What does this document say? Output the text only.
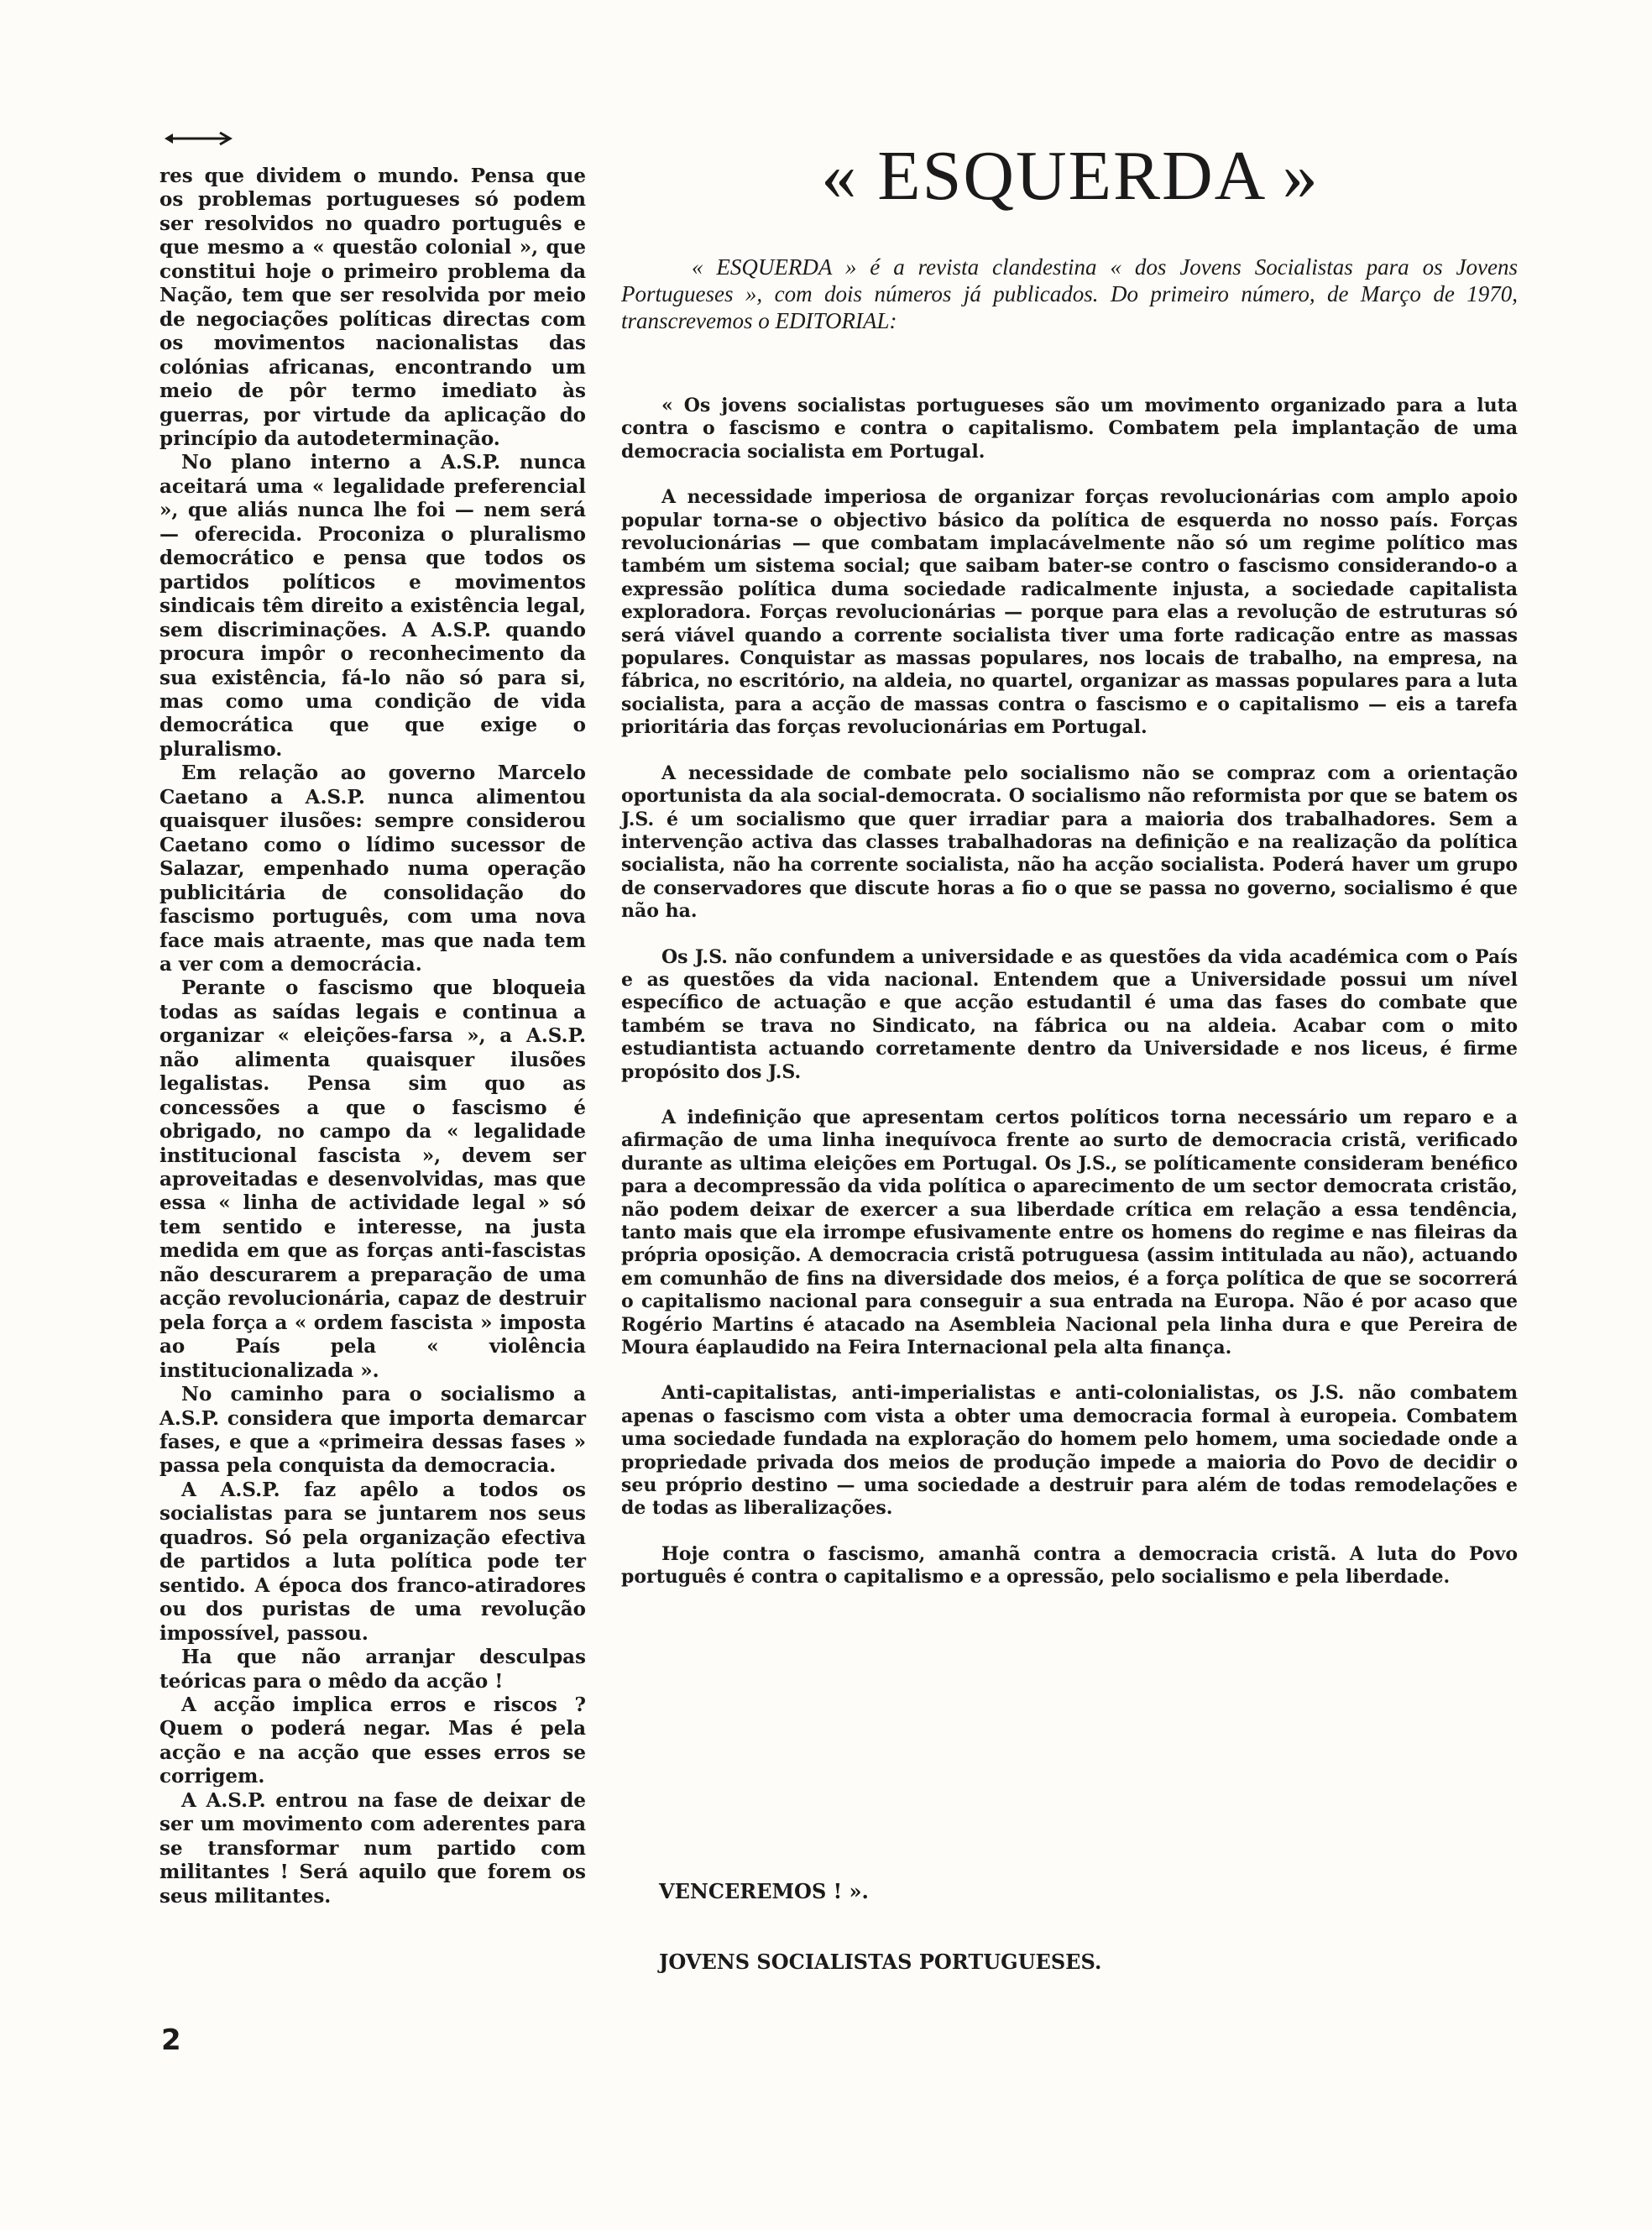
res que dividem o mundo. Pensa que os problemas portugueses só podem ser resolvidos no quadro português e que mesmo a « questão colonial », que constitui hoje o primeiro problema da Nação, tem que ser resolvida por meio de negociações políticas directas com os movimentos nacionalistas das colónias africanas, encontrando um meio de pôr termo imediato às guerras, por virtude da aplicação do princípio da autodeterminação.

No plano interno a A.S.P. nunca aceitará uma « legalidade preferencial », que aliás nunca lhe foi — nem será — oferecida. Proconiza o pluralismo democrático e pensa que todos os partidos políticos e movimentos sindicais têm direito a existência legal, sem discriminações. A A.S.P. quando procura impôr o reconhecimento da sua existência, fá-lo não só para si, mas como uma condição de vida democrática que que exige o pluralismo.

Em relação ao governo Marcelo Caetano a A.S.P. nunca alimentou quaisquer ilusões: sempre considerou Caetano como o lídimo sucessor de Salazar, empenhado numa operação publicitária de consolidação do fascismo português, com uma nova face mais atraente, mas que nada tem a ver com a democrácia.

Perante o fascismo que bloqueia todas as saídas legais e continua a organizar « eleições-farsa », a A.S.P. não alimenta quaisquer ilusões legalistas. Pensa sim quo as concessões a que o fascismo é obrigado, no campo da « legalidade institucional fascista », devem ser aproveitadas e desenvolvidas, mas que essa « linha de actividade legal » só tem sentido e interesse, na justa medida em que as forças anti-fascistas não descurarem a preparação de uma acção revolucionária, capaz de destruir pela força a « ordem fascista » imposta ao País pela « violência institucionalizada ».

No caminho para o socialismo a A.S.P. considera que importa demarcar fases, e que a «primeira dessas fases » passa pela conquista da democracia.

A A.S.P. faz apêlo a todos os socialistas para se juntarem nos seus quadros. Só pela organização efectiva de partidos a luta política pode ter sentido. A época dos franco-atiradores ou dos puristas de uma revolução impossível, passou.

Ha que não arranjar desculpas teóricas para o mêdo da acção !

A acção implica erros e riscos ? Quem o poderá negar. Mas é pela acção e na acção que esses erros se corrigem.

A A.S.P. entrou na fase de deixar de ser um movimento com aderentes para se transformar num partido com militantes ! Será aquilo que forem os seus militantes.

2
« ESQUERDA »
« ESQUERDA » é a revista clandestina « dos Jovens Socialistas para os Jovens Portugueses », com dois números já publicados. Do primeiro número, de Março de 1970, transcrevemos o EDITORIAL:

« Os jovens socialistas portugueses são um movimento organizado para a luta contra o fascismo e contra o capitalismo. Combatem pela implantação de uma democracia socialista em Portugal.

A necessidade imperiosa de organizar forças revolucionárias com amplo apoio popular torna-se o objectivo básico da política de esquerda no nosso país. Forças revolucionárias — que combatam implacávelmente não só um regime político mas também um sistema social; que saibam bater-se contro o fascismo considerando-o a expressão política duma sociedade radicalmente injusta, a sociedade capitalista exploradora. Forças revolucionárias — porque para elas a revolução de estruturas só será viável quando a corrente socialista tiver uma forte radicação entre as massas populares. Conquistar as massas populares, nos locais de trabalho, na empresa, na fábrica, no escritório, na aldeia, no quartel, organizar as massas populares para a luta socialista, para a acção de massas contra o fascismo e o capitalismo — eis a tarefa prioritária das forças revolucionárias em Portugal.

A necessidade de combate pelo socialismo não se compraz com a orientação oportunista da ala social-democrata. O socialismo não reformista por que se batem os J.S. é um socialismo que quer irradiar para a maioria dos trabalhadores. Sem a intervenção activa das classes trabalhadoras na definição e na realização da política socialista, não ha corrente socialista, não ha acção socialista. Poderá haver um grupo de conservadores que discute horas a fio o que se passa no governo, socialismo é que não ha.

Os J.S. não confundem a universidade e as questões da vida académica com o País e as questões da vida nacional. Entendem que a Universidade possui um nível específico de actuação e que acção estudantil é uma das fases do combate que também se trava no Sindicato, na fábrica ou na aldeia. Acabar com o mito estudiantista actuando corretamente dentro da Universidade e nos liceus, é firme propósito dos J.S.

A indefinição que apresentam certos políticos torna necessário um reparo e a afirmação de uma linha inequívoca frente ao surto de democracia cristã, verificado durante as ultima eleições em Portugal. Os J.S., se políticamente consideram benéfico para a decompressão da vida política o aparecimento de um sector democrata cristão, não podem deixar de exercer a sua liberdade crítica em relação a essa tendência, tanto mais que ela irrompe efusivamente entre os homens do regime e nas fileiras da própria oposição. A democracia cristã potruguesa (assim intitulada au não), actuando em comunhão de fins na diversidade dos meios, é a força política de que se socorrerá o capitalismo nacional para conseguir a sua entrada na Europa. Não é por acaso que Rogério Martins é atacado na Asembleia Nacional pela linha dura e que Pereira de Moura éaplaudido na Feira Internacional pela alta finança.

Anti-capitalistas, anti-imperialistas e anti-colonialistas, os J.S. não combatem apenas o fascismo com vista a obter uma democracia formal à europeia. Combatem uma sociedade fundada na exploração do homem pelo homem, uma sociedade onde a propriedade privada dos meios de produção impede a maioria do Povo de decidir o seu próprio destino — uma sociedade a destruir para além de todas remodelações e de todas as liberalizações.

Hoje contra o fascismo, amanhã contra a democracia cristã. A luta do Povo português é contra o capitalismo e a opressão, pelo socialismo e pela liberdade.

VENCEREMOS ! ».
JOVENS SOCIALISTAS PORTUGUESES.
